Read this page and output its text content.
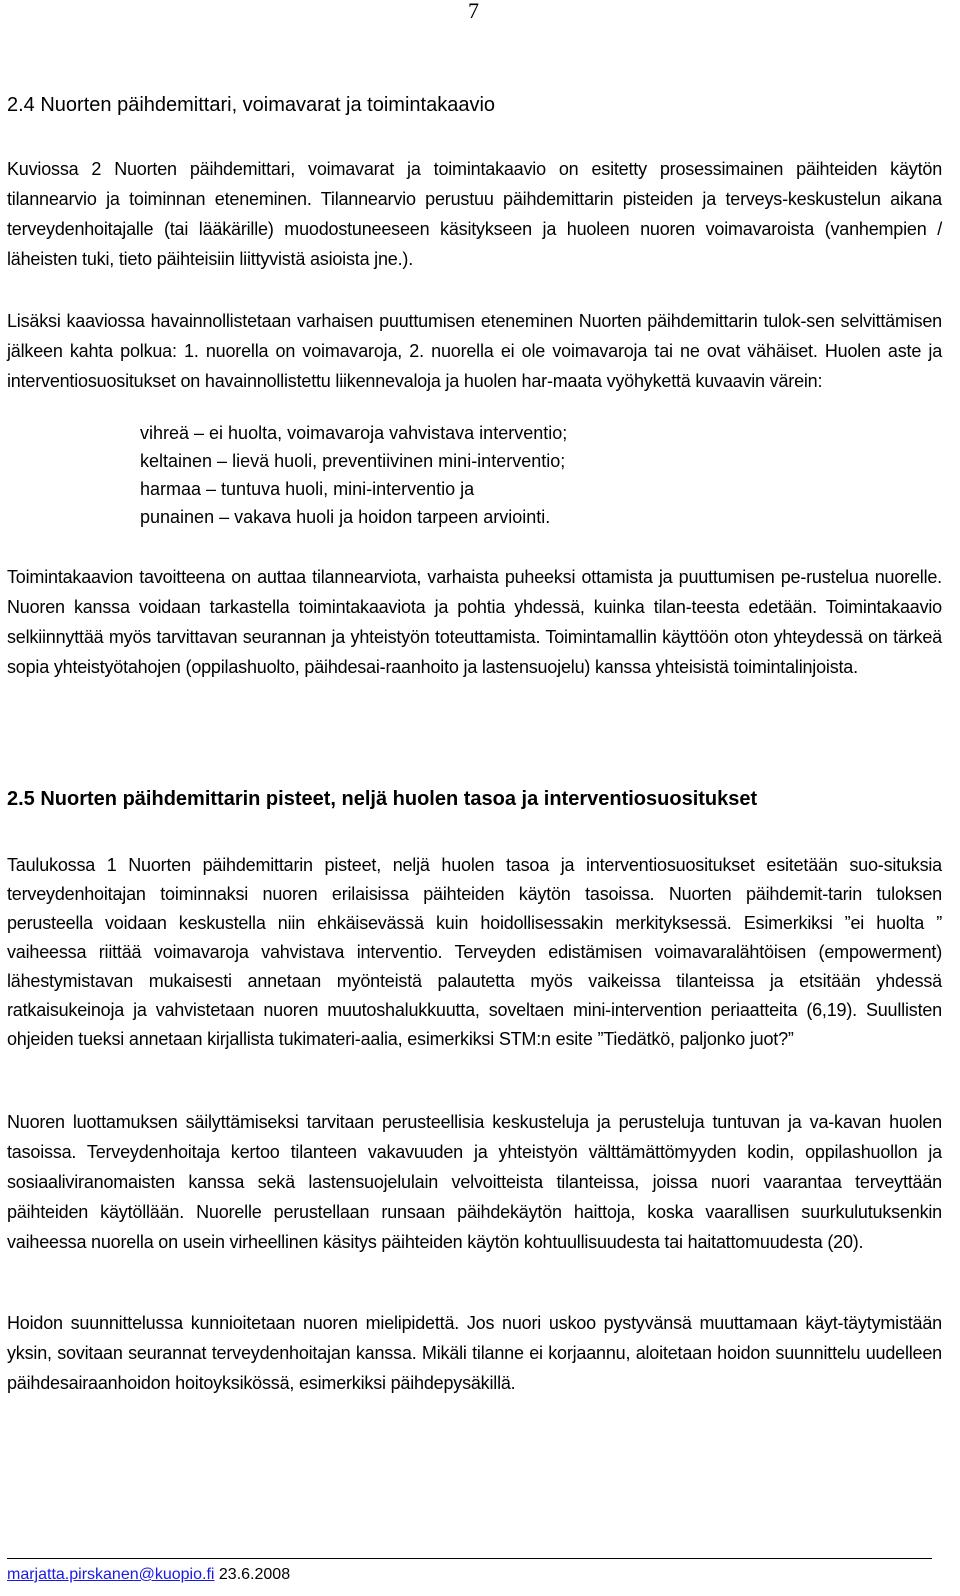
7
2.4 Nuorten päihdemittari, voimavarat ja toimintakaavio

Kuviossa 2 Nuorten päihdemittari, voimavarat ja toimintakaavio on esitetty prosessimainen päihteiden käytön tilannearvio ja toiminnan eteneminen. Tilannearvio perustuu päihdemittarin pisteiden ja terveys-keskustelun aikana terveydenhoitajalle (tai lääkärille) muodostuneeseen käsitykseen ja huoleen nuoren voimavaroista (vanhempien / läheisten tuki, tieto päihteisiin liittyvistä asioista jne.).

Lisäksi kaaviossa havainnollistetaan varhaisen puuttumisen eteneminen Nuorten päihdemittarin tulok-sen selvittämisen jälkeen kahta polkua: 1. nuorella on voimavaroja, 2. nuorella ei ole voimavaroja tai ne ovat vähäiset. Huolen aste ja interventiosuositukset on havainnollistettu liikennevaloja ja huolen har-maata vyöhykettä kuvaavin värein:

vihreä – ei huolta, voimavaroja vahvistava interventio;
keltainen – lievä huoli, preventiivinen mini-interventio;
harmaa – tuntuva huoli, mini-interventio ja
punainen – vakava huoli ja hoidon tarpeen arviointi.

Toimintakaavion tavoitteena on auttaa tilannearviota, varhaista puheeksi ottamista ja puuttumisen pe-rustelua nuorelle. Nuoren kanssa voidaan tarkastella toimintakaaviota ja pohtia yhdessä, kuinka tilan-teesta edetään. Toimintakaavio selkiinnyttää myös tarvittavan seurannan ja yhteistyön toteuttamista. Toimintamallin käyttöön oton yhteydessä on tärkeä sopia yhteistyötahojen (oppilashuolto, päihdesai-raanhoito ja lastensuojelu) kanssa yhteisistä toimintalinjoista.

2.5 Nuorten päihdemittarin pisteet, neljä huolen tasoa ja interventiosuositukset

Taulukossa 1 Nuorten päihdemittarin pisteet, neljä huolen tasoa ja interventiosuositukset esitetään suo-situksia terveydenhoitajan toiminnaksi nuoren erilaisissa päihteiden käytön tasoissa. Nuorten päihdemit-tarin tuloksen perusteella voidaan keskustella niin ehkäisevässä kuin hoidollisessakin merkityksessä. Esimerkiksi ”ei huolta ” vaiheessa riittää voimavaroja vahvistava interventio. Terveyden edistämisen voimavaralähtöisen (empowerment) lähestymistavan mukaisesti annetaan myönteistä palautetta myös vaikeissa tilanteissa ja etsitään yhdessä ratkaisukeinoja ja vahvistetaan nuoren muutoshalukkuutta, soveltaen mini-intervention periaatteita (6,19). Suullisten ohjeiden tueksi annetaan kirjallista tukimateri-aalia, esimerkiksi STM:n esite ”Tiedätkö, paljonko juot?”

Nuoren luottamuksen säilyttämiseksi tarvitaan perusteellisia keskusteluja ja perusteluja tuntuvan ja va-kavan huolen tasoissa. Terveydenhoitaja kertoo tilanteen vakavuuden ja yhteistyön välttämättömyyden kodin, oppilashuollon ja sosiaaliviranomaisten kanssa sekä lastensuojelulain velvoitteista tilanteissa, joissa nuori vaarantaa terveyttään päihteiden käytöllään. Nuorelle perustellaan runsaan päihdekäytön haittoja, koska vaarallisen suurkulutuksenkin vaiheessa nuorella on usein virheellinen käsitys päihteiden käytön kohtuullisuudesta tai haitattomuudesta (20).

Hoidon suunnittelussa kunnioitetaan nuoren mielipidettä. Jos nuori uskoo pystyvänsä muuttamaan käyt-täytymistään yksin, sovitaan seurannat terveydenhoitajan kanssa. Mikäli tilanne ei korjaannu, aloitetaan hoidon suunnittelu uudelleen päihdesairaanhoidon hoitoyksikössä, esimerkiksi päihdepysäkillä.

marjatta.pirskanen@kuopio.fi 23.6.2008
